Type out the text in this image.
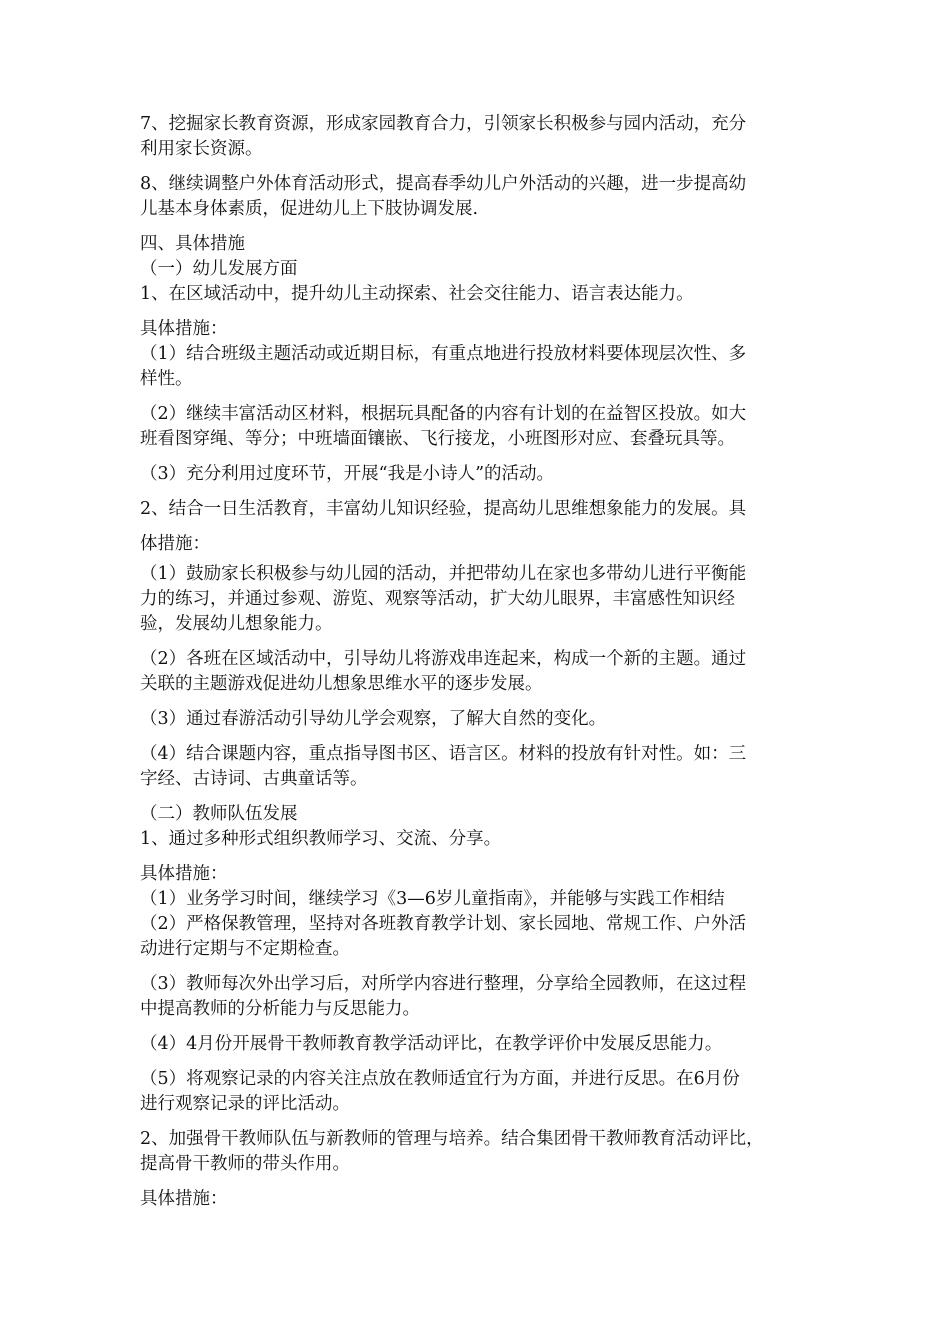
7、挖掘家长教育资源，形成家园教育合力，引领家长积极参与园内活动，充分
利用家长资源。
8、继续调整户外体育活动形式，提高春季幼儿户外活动的兴趣，进一步提高幼
儿基本身体素质，促进幼儿上下肢协调发展.
四、具体措施
（一）幼儿发展方面
1、在区域活动中，提升幼儿主动探索、社会交往能力、语言表达能力。
具体措施：
（1）结合班级主题活动或近期目标，有重点地进行投放材料要体现层次性、多
样性。
（2）继续丰富活动区材料，根据玩具配备的内容有计划的在益智区投放。如大
班看图穿绳、等分；中班墙面镶嵌、飞行接龙，小班图形对应、套叠玩具等。
（3）充分利用过度环节，开展“我是小诗人”的活动。
2、结合一日生活教育，丰富幼儿知识经验，提高幼儿思维想象能力的发展。具
体措施：
（1）鼓励家长积极参与幼儿园的活动，并把带幼儿在家也多带幼儿进行平衡能
力的练习，并通过参观、游览、观察等活动，扩大幼儿眼界，丰富感性知识经
验，发展幼儿想象能力。
（2）各班在区域活动中，引导幼儿将游戏串连起来，构成一个新的主题。通过
关联的主题游戏促进幼儿想象思维水平的逐步发展。
（3）通过春游活动引导幼儿学会观察，了解大自然的变化。
（4）结合课题内容，重点指导图书区、语言区。材料的投放有针对性。如：三
字经、古诗词、古典童话等。
（二）教师队伍发展
1、通过多种形式组织教师学习、交流、分享。
具体措施：
（1）业务学习时间，继续学习《3—6岁儿童指南》，并能够与实践工作相结
（2）严格保教管理，坚持对各班教育教学计划、家长园地、常规工作、户外活
动进行定期与不定期检查。
（3）教师每次外出学习后，对所学内容进行整理，分享给全园教师，在这过程
中提高教师的分析能力与反思能力。
（4）4月份开展骨干教师教育教学活动评比，在教学评价中发展反思能力。
（5）将观察记录的内容关注点放在教师适宜行为方面，并进行反思。在6月份
进行观察记录的评比活动。
2、加强骨干教师队伍与新教师的管理与培养。结合集团骨干教师教育活动评比，
提高骨干教师的带头作用。
具体措施：
